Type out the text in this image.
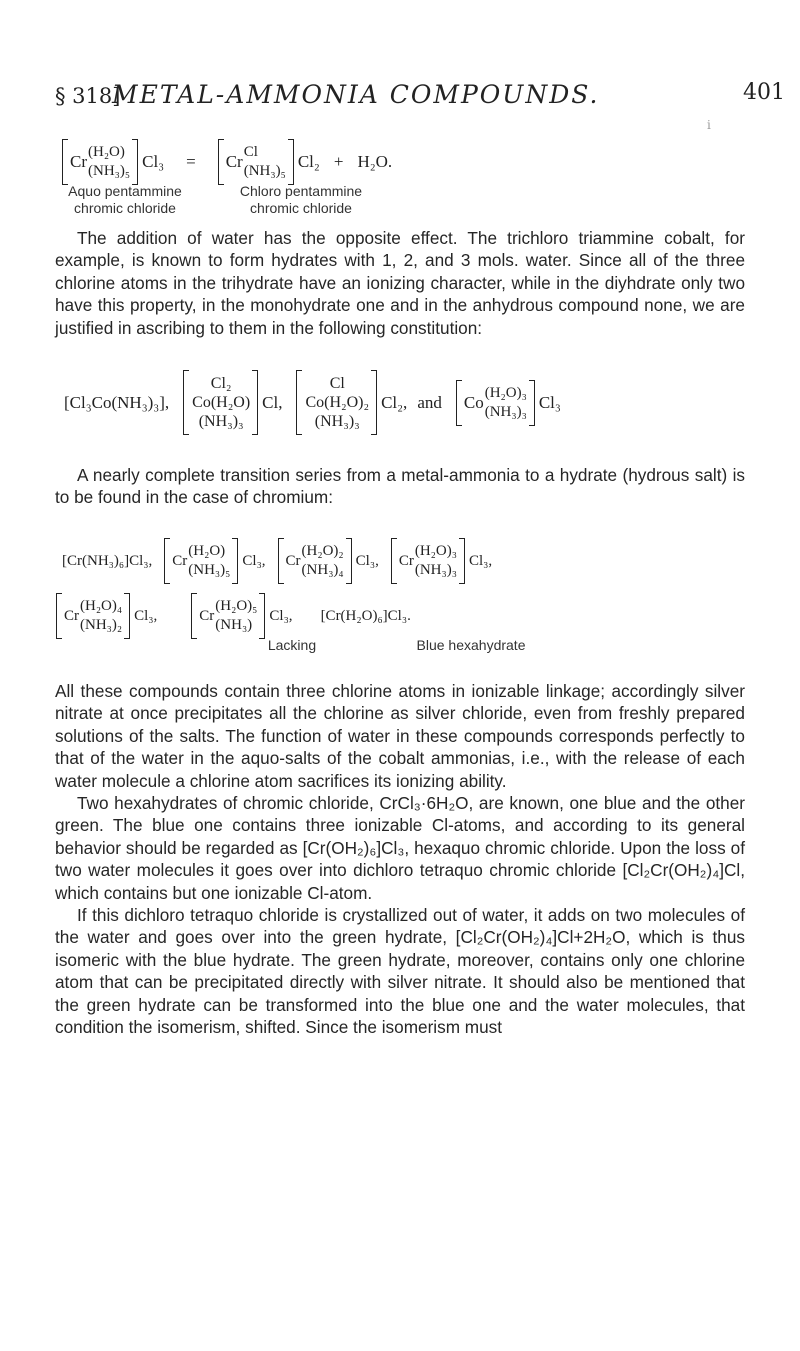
§ 318]
METAL-AMMONIA COMPOUNDS.	401
i
Cr (H₂O)
(NH₃)₅ Cl₃ = Cr Cl
(NH₃)₅ Cl₂ + H₂O.
Aquo pentammine
chromic chloride
Chloro pentammine
chromic chloride

The addition of water has the opposite effect. The trichloro triammine cobalt, for example, is known to form hydrates with 1, 2, and 3 mols. water. Since all of the three chlorine atoms in the trihydrate have an ionizing character, while in the diyhdrate only two have this property, in the monohydrate one and in the anhydrous compound none, we are justified in ascribing to them in the following constitution:

[Cl₃Co(NH₃)₃],
Cl₂
Co(H₂O)
(NH₃)₃
Cl,
Cl
Co(H₂O)₂
(NH₃)₃
Cl₂, and Co (H₂O)₃
(NH₃)₃ Cl₃

A nearly complete transition series from a metal-ammonia to a hydrate (hydrous salt) is to be found in the case of chromium:

[Cr(NH₃)₆]Cl₃, Cr
(H₂O)
(NH₃)₅
Cl₃, Cr
(H₂O)₂
(NH₃)₄
Cl₃, Cr
(H₂O)₃
(NH₃)₃
Cl₃,
Cr
(H₂O)₄
(NH₃)₂
Cl₃,	Cr
(H₂O)₅
(NH₃)
Cl₃, [Cr(H₂O)₆]Cl₃.
Lacking	Blue hexahydrate

All these compounds contain three chlorine atoms in ionizable linkage; accordingly silver nitrate at once precipitates all the chlorine as silver chloride, even from freshly prepared solutions of the salts. The function of water in these compounds corresponds perfectly to that of the water in the aquo-salts of the cobalt ammonias, i.e., with the release of each water molecule a chlorine atom sacrifices its ionizing ability.

Two hexahydrates of chromic chloride, CrCl₃·6H₂O, are known, one blue and the other green. The blue one contains three ionizable Cl-atoms, and according to its general behavior should be regarded as [Cr(OH₂)₆]Cl₃, hexaquo chromic chloride. Upon the loss of two water molecules it goes over into dichloro tetraquo chromic chloride [Cl₂Cr(OH₂)₄]Cl, which contains but one ionizable Cl-atom.

If this dichloro tetraquo chloride is crystallized out of water, it adds on two molecules of the water and goes over into the green hydrate, [Cl₂Cr(OH₂)₄]Cl+2H₂O, which is thus isomeric with the blue hydrate. The green hydrate, moreover, contains only one chlorine atom that can be precipitated directly with silver nitrate. It should also be mentioned that the green hydrate can be transformed into the blue one and the water molecules, that condition the isomerism, shifted. Since the isomerism must
